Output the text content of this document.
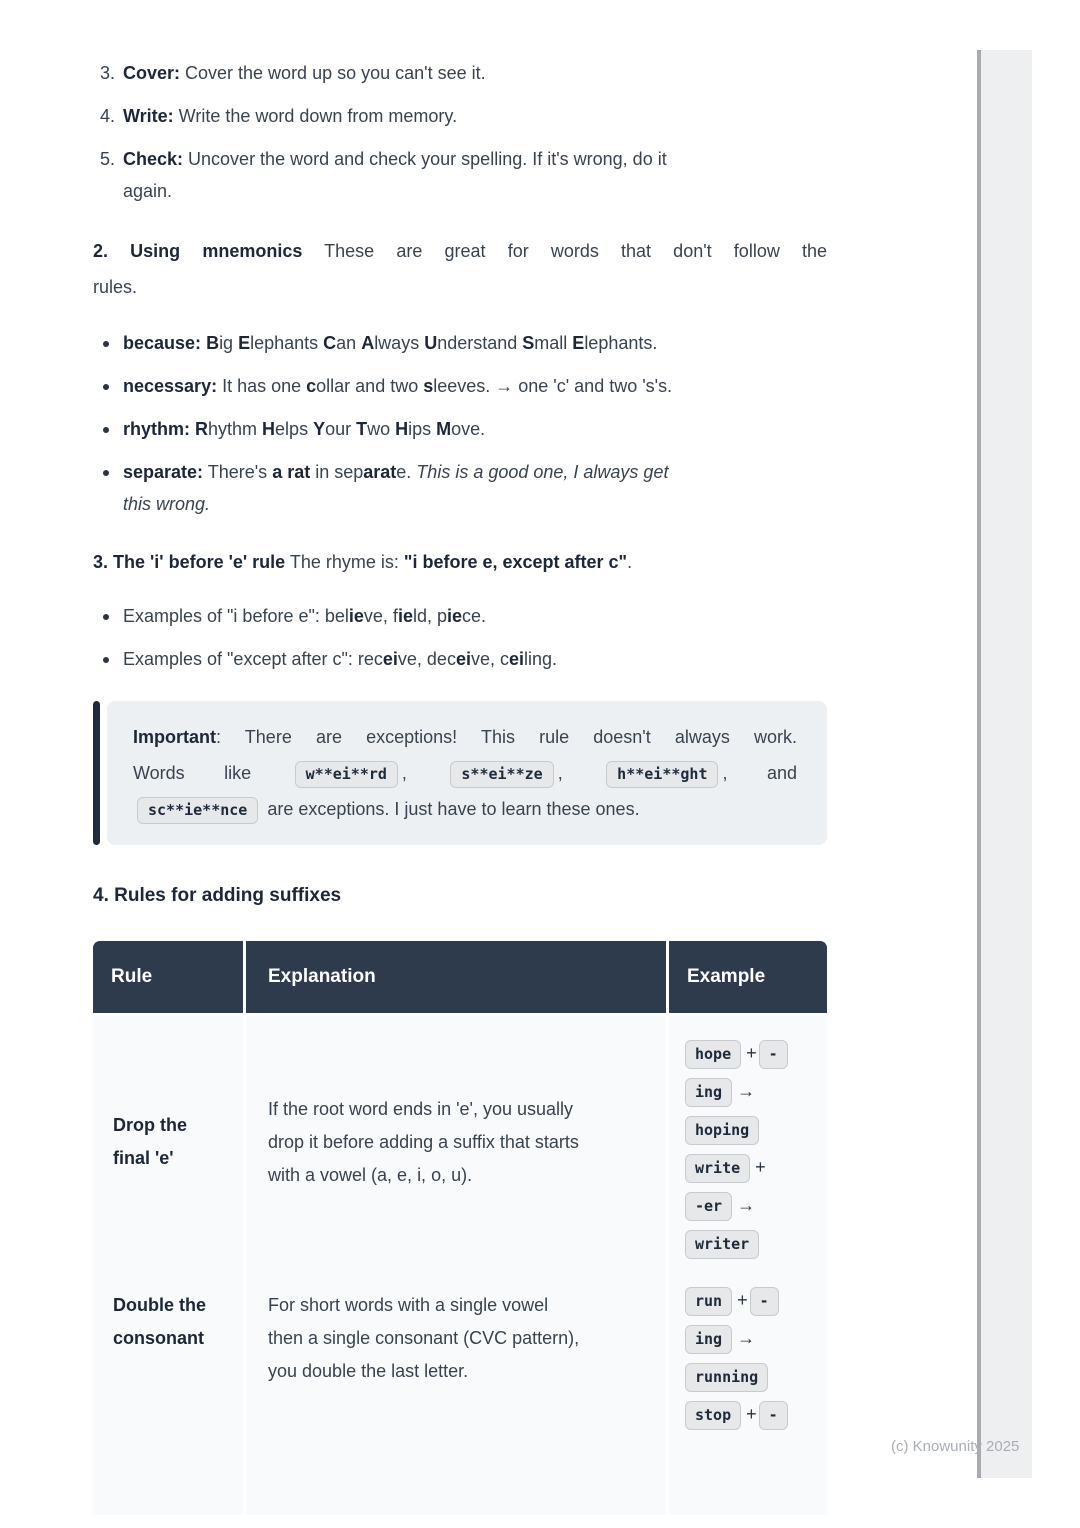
3. Cover: Cover the word up so you can't see it.
4. Write: Write the word down from memory.
5. Check: Uncover the word and check your spelling. If it's wrong, do it
again.
2. Using mnemonics These are great for words that don't follow the
rules.
because: Big Elephants Can Always Understand Small Elephants.
necessary: It has one collar and two sleeves. → one 'c' and two 's's.
rhythm: Rhythm Helps Your Two Hips Move.
separate: There's a rat in separate. This is a good one, I always get
this wrong.
3. The 'i' before 'e' rule The rhyme is: "i before e, except after c".
Examples of "i before e": believe, field, piece.
Examples of "except after c": receive, deceive, ceiling.
Important: There are exceptions! This rule doesn't always work.
Words like w**ei**rd , s**ei**ze , h**ei**ght , and
sc**ie**nce are exceptions. I just have to learn these ones.
4. Rules for adding suffixes
Rule	Explanation	Example
Drop the
final 'e'
If the root word ends in 'e', you usually
drop it before adding a suffix that starts
with a vowel (a, e, i, o, u).
hope + -
ing →
hoping
write +
-er →
writer
Double the
consonant
For short words with a single vowel
then a single consonant (CVC pattern),
you double the last letter.
run + -
ing →
running
stop + -
(c) Knowunity 2025
